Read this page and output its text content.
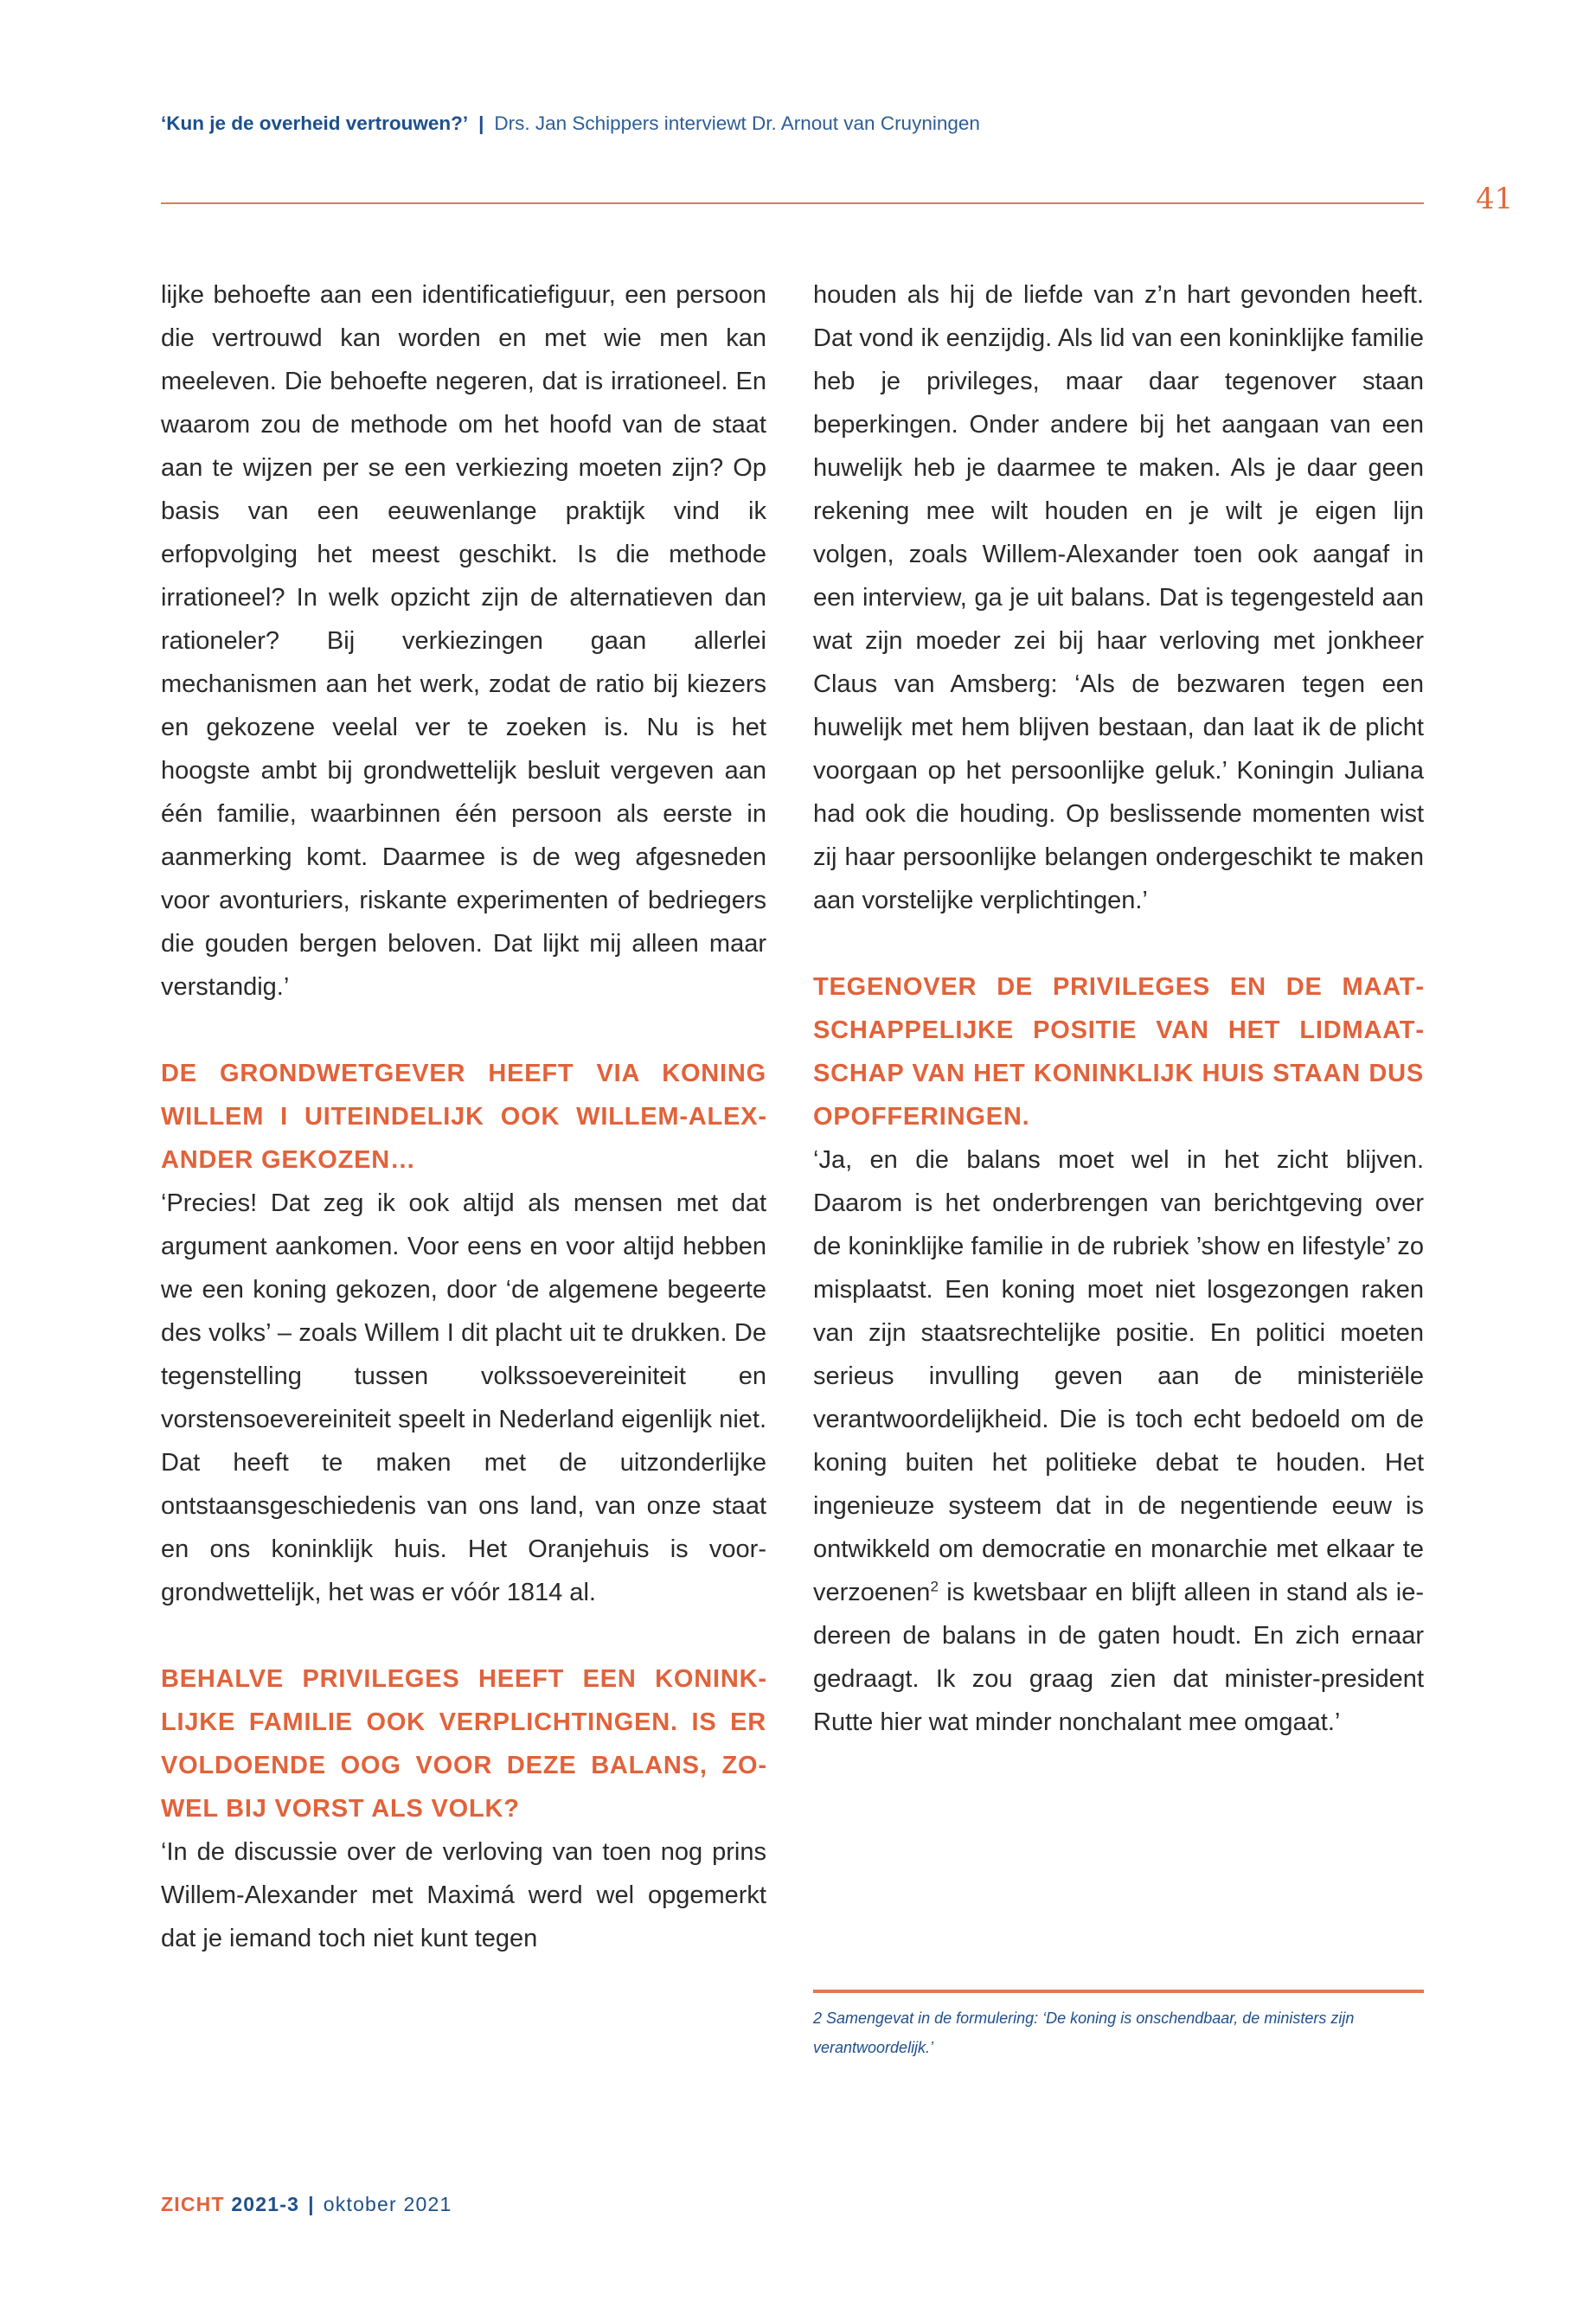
‘Kun je de overheid vertrouwen?’ | Drs. Jan Schippers interviewt Dr. Arnout van Cruyningen
41

lijke behoefte aan een identificatiefiguur, een persoon die vertrouwd kan worden en met wie men kan meeleven. Die behoefte negeren, dat is irrationeel. En waarom zou de methode om het hoofd van de staat aan te wijzen per se een verkiezing moeten zijn? Op basis van een eeuwenlange praktijk vind ik erfopvolging het meest geschikt. Is die methode irrationeel? In welk opzicht zijn de alternatieven dan rationeler? Bij verkiezingen gaan allerlei mechanismen aan het werk, zodat de ratio bij kiezers en gekozene veelal ver te zoeken is. Nu is het hoogste ambt bij grondwettelijk besluit vergeven aan één familie, waarbinnen één persoon als eerste in aanmerking komt. Daarmee is de weg afgesneden voor avonturiers, riskante experimenten of bedriegers die gouden bergen beloven. Dat lijkt mij alleen maar verstandig.’

DE GRONDWETGEVER HEEFT VIA KONING WILLEM I UITEINDELIJK OOK WILLEM-ALEXANDER GEKOZEN…

‘Precies! Dat zeg ik ook altijd als mensen met dat argument aankomen. Voor eens en voor altijd hebben we een koning gekozen, door ‘de algemene begeerte des volks’ – zoals Willem I dit placht uit te drukken. De tegenstelling tussen volkssoevereiniteit en vorstensoevereiniteit speelt in Nederland eigenlijk niet. Dat heeft te maken met de uitzonderlijke ontstaansgeschiedenis van ons land, van onze staat en ons koninklijk huis. Het Oranjehuis is voor-grondwettelijk, het was er vóór 1814 al.

BEHALVE PRIVILEGES HEEFT EEN KONINKLIJKE FAMILIE OOK VERPLICHTINGEN. IS ER VOLDOENDE OOG VOOR DEZE BALANS, ZOWEL BIJ VORST ALS VOLK?

‘In de discussie over de verloving van toen nog prins Willem-Alexander met Maximá werd wel opgemerkt dat je iemand toch niet kunt tegen

houden als hij de liefde van z’n hart gevonden heeft. Dat vond ik eenzijdig. Als lid van een koninklijke familie heb je privileges, maar daar tegenover staan beperkingen. Onder andere bij het aangaan van een huwelijk heb je daarmee te maken. Als je daar geen rekening mee wilt houden en je wilt je eigen lijn volgen, zoals Willem-Alexander toen ook aangaf in een interview, ga je uit balans. Dat is tegengesteld aan wat zijn moeder zei bij haar verloving met jonkheer Claus van Amsberg: ‘Als de bezwaren tegen een huwelijk met hem blijven bestaan, dan laat ik de plicht voorgaan op het persoonlijke geluk.’ Koningin Juliana had ook die houding. Op beslissende momenten wist zij haar persoonlijke belangen ondergeschikt te maken aan vorstelijke verplichtingen.’

TEGENOVER DE PRIVILEGES EN DE MAATSCHAPPELIJKE POSITIE VAN HET LIDMAATSCHAP VAN HET KONINKLIJK HUIS STAAN DUS OPOFFERINGEN.

‘Ja, en die balans moet wel in het zicht blijven. Daarom is het onderbrengen van berichtgeving over de koninklijke familie in de rubriek ’show en lifestyle’ zo misplaatst. Een koning moet niet losgezongen raken van zijn staatsrechtelijke positie. En politici moeten serieus invulling geven aan de ministeriële verantwoordelijkheid. Die is toch echt bedoeld om de koning buiten het politieke debat te houden. Het ingenieuze systeem dat in de negentiende eeuw is ontwikkeld om democratie en monarchie met elkaar te verzoenen$^2$ is kwetsbaar en blijft alleen in stand als iedereen de balans in de gaten houdt. En zich ernaar gedraagt. Ik zou graag zien dat minister-president Rutte hier wat minder nonchalant mee omgaat.’

2 Samengevat in de formulering: ‘De koning is onschendbaar, de ministers zijn verantwoordelijk.’
ZICHT 2021-3 | oktober 2021
